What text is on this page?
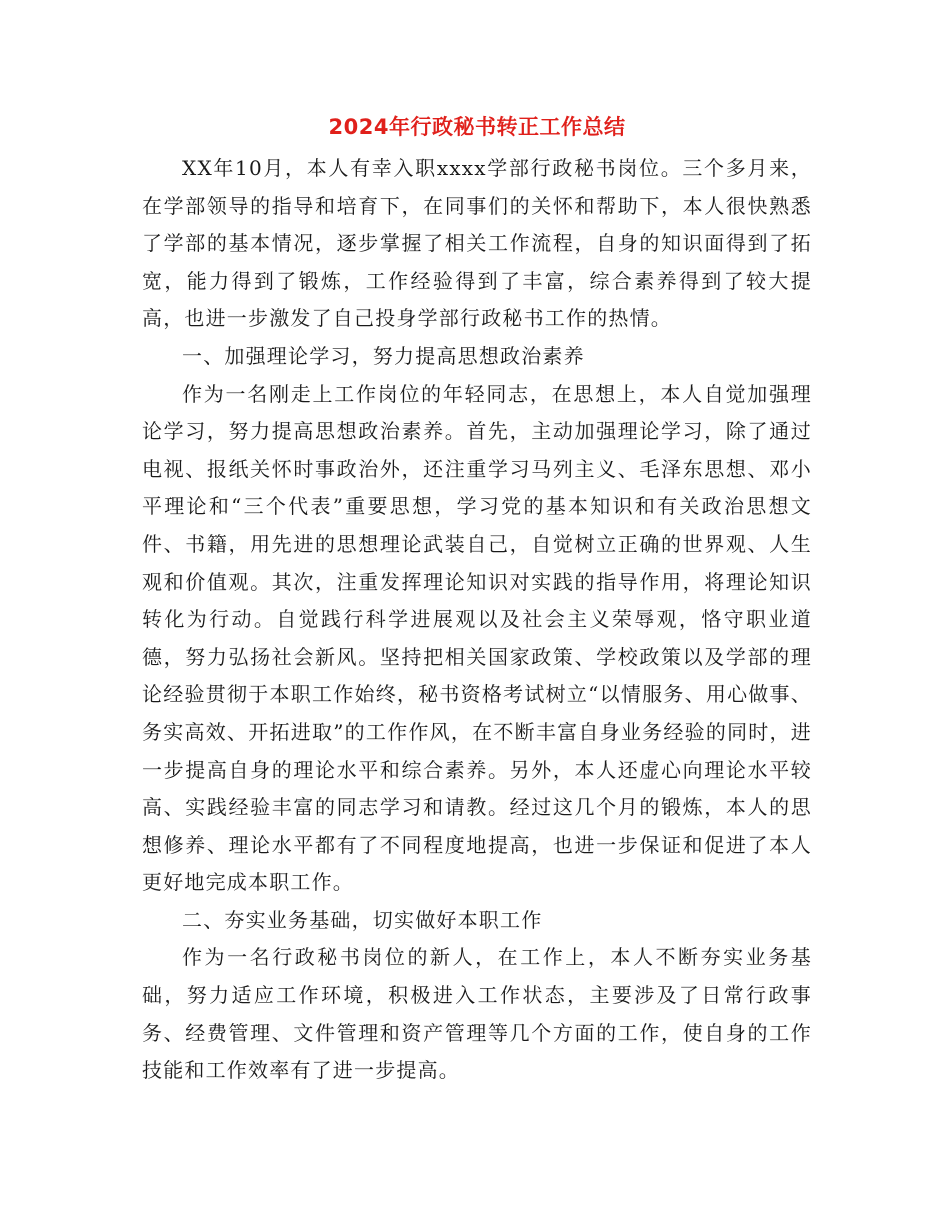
2024年行政秘书转正工作总结

XX年10月，本人有幸入职xxxx学部行政秘书岗位。三个多月来，在学部领导的指导和培育下，在同事们的关怀和帮助下，本人很快熟悉了学部的基本情况，逐步掌握了相关工作流程，自身的知识面得到了拓宽，能力得到了锻炼，工作经验得到了丰富，综合素养得到了较大提高，也进一步激发了自己投身学部行政秘书工作的热情。

一、加强理论学习，努力提高思想政治素养

作为一名刚走上工作岗位的年轻同志，在思想上，本人自觉加强理论学习，努力提高思想政治素养。首先，主动加强理论学习，除了通过电视、报纸关怀时事政治外，还注重学习马列主义、毛泽东思想、邓小平理论和“三个代表”重要思想，学习党的基本知识和有关政治思想文件、书籍，用先进的思想理论武装自己，自觉树立正确的世界观、人生观和价值观。其次，注重发挥理论知识对实践的指导作用，将理论知识转化为行动。自觉践行科学进展观以及社会主义荣辱观，恪守职业道德，努力弘扬社会新风。坚持把相关国家政策、学校政策以及学部的理论经验贯彻于本职工作始终，秘书资格考试树立“以情服务、用心做事、务实高效、开拓进取”的工作作风，在不断丰富自身业务经验的同时，进一步提高自身的理论水平和综合素养。另外，本人还虚心向理论水平较高、实践经验丰富的同志学习和请教。经过这几个月的锻炼，本人的思想修养、理论水平都有了不同程度地提高，也进一步保证和促进了本人更好地完成本职工作。

二、夯实业务基础，切实做好本职工作

作为一名行政秘书岗位的新人，在工作上，本人不断夯实业务基础，努力适应工作环境，积极进入工作状态，主要涉及了日常行政事务、经费管理、文件管理和资产管理等几个方面的工作，使自身的工作技能和工作效率有了进一步提高。
